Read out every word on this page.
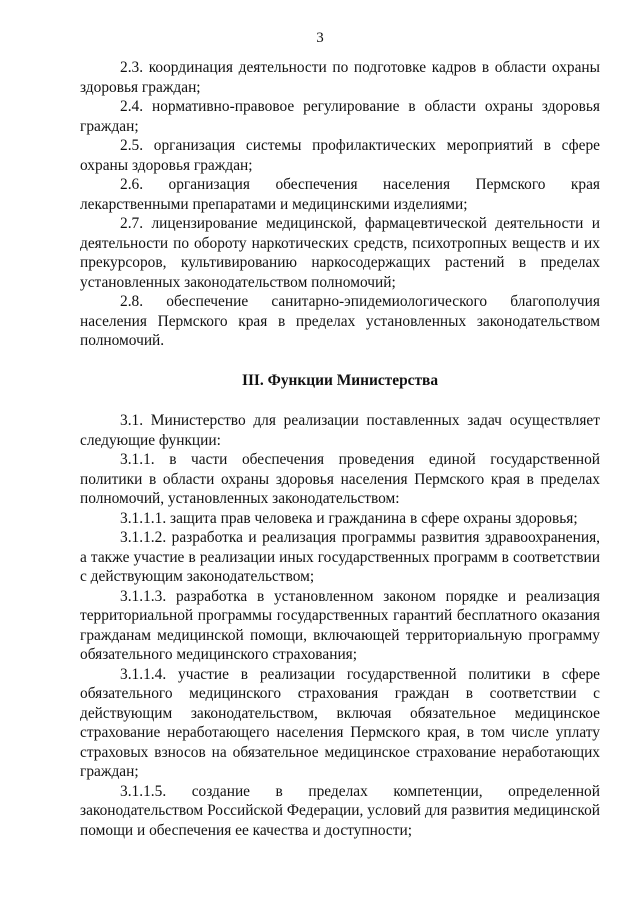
3

2.3. координация деятельности по подготовке кадров в области охраны здоровья граждан;

2.4. нормативно-правовое регулирование в области охраны здоровья граждан;

2.5. организация системы профилактических мероприятий в сфере охраны здоровья граждан;

2.6. организация обеспечения населения Пермского края лекарственными препаратами и медицинскими изделиями;

2.7. лицензирование медицинской, фармацевтической деятельности и деятельности по обороту наркотических средств, психотропных веществ и их прекурсоров, культивированию наркосодержащих растений в пределах установленных законодательством полномочий;

2.8. обеспечение санитарно-эпидемиологического благополучия населения Пермского края в пределах установленных законодательством полномочий.

III. Функции Министерства

3.1. Министерство для реализации поставленных задач осуществляет следующие функции:

3.1.1. в части обеспечения проведения единой государственной политики в области охраны здоровья населения Пермского края в пределах полномочий, установленных законодательством:

3.1.1.1. защита прав человека и гражданина в сфере охраны здоровья;

3.1.1.2. разработка и реализация программы развития здравоохранения, а также участие в реализации иных государственных программ в соответствии с действующим законодательством;

3.1.1.3. разработка в установленном законом порядке и реализация территориальной программы государственных гарантий бесплатного оказания гражданам медицинской помощи, включающей территориальную программу обязательного медицинского страхования;

3.1.1.4. участие в реализации государственной политики в сфере обязательного медицинского страхования граждан в соответствии с действующим законодательством, включая обязательное медицинское страхование неработающего населения Пермского края, в том числе уплату страховых взносов на обязательное медицинское страхование неработающих граждан;

3.1.1.5. создание в пределах компетенции, определенной законодательством Российской Федерации, условий для развития медицинской помощи и обеспечения ее качества и доступности;
